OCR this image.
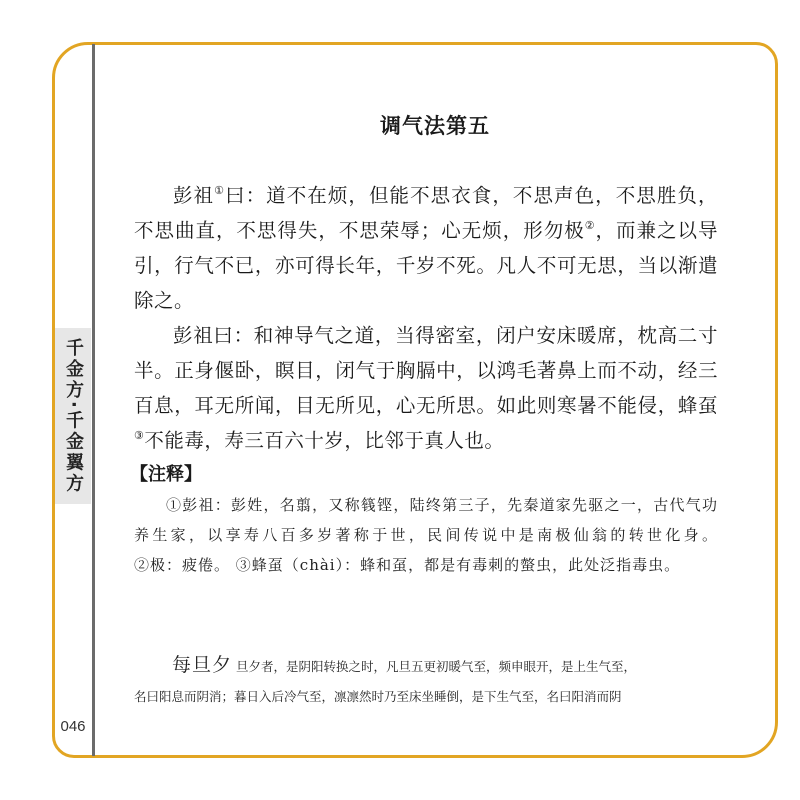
千金方·千金翼方
046
调气法第五

彭祖①曰：道不在烦，但能不思衣食，不思声色，不思胜负，不思曲直，不思得失，不思荣辱；心无烦，形勿极②，而兼之以导引，行气不已，亦可得长年，千岁不死。凡人不可无思，当以渐遣除之。

彭祖曰：和神导气之道，当得密室，闭户安床暖席，枕高二寸半。正身偃卧，瞑目，闭气于胸膈中，以鸿毛著鼻上而不动，经三百息，耳无所闻，目无所见，心无所思。如此则寒暑不能侵，蜂虿③不能毒，寿三百六十岁，比邻于真人也。

【注释】

①彭祖：彭姓，名翦，又称篯铿，陆终第三子，先秦道家先驱之一，古代气功养生家，以享寿八百多岁著称于世，民间传说中是南极仙翁的转世化身。 ②极：疲倦。 ③蜂虿（chài）：蜂和虿，都是有毒刺的螫虫，此处泛指毒虫。

每旦夕 旦夕者，是阴阳转换之时，凡旦五更初暖气至，频申眼开，是上生气至，
名曰阳息而阴消；暮日入后冷气至，凛凛然时乃至床坐睡倒，是下生气至，名曰阳消而阴
